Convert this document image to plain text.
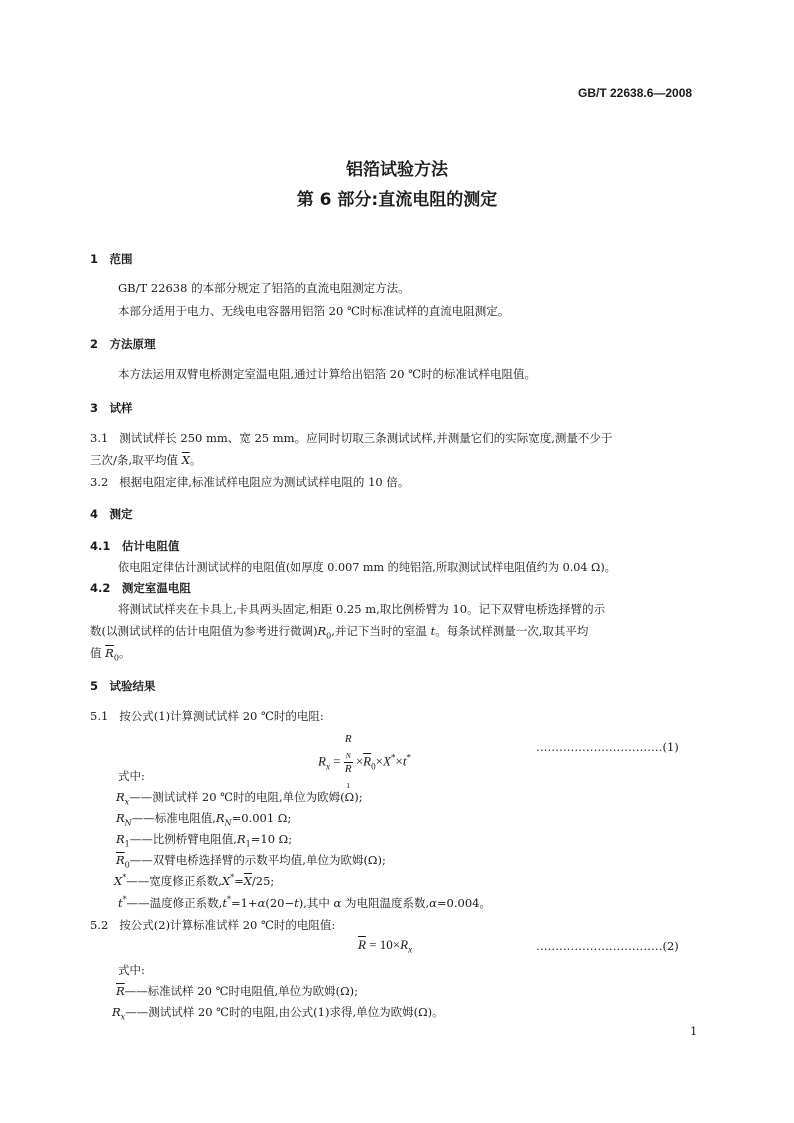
GB/T 22638.6—2008
铝箔试验方法
第 6 部分:直流电阻的测定
1　范围
GB/T 22638 的本部分规定了铝箔的直流电阻测定方法。
本部分适用于电力、无线电电容器用铝箔 20 ℃时标准试样的直流电阻测定。
2　方法原理
本方法运用双臂电桥测定室温电阻,通过计算给出铝箔 20 ℃时的标准试样电阻值。
3　试样
3.1 测试试样长 250 mm、宽 25 mm。应同时切取三条测试试样,并测量它们的实际宽度,测量不少于
三次/条,取平均值 $\overline{X}$。
3.2 根据电阻定律,标准试样电阻应为测试试样电阻的 10 倍。
4　测定
4.1　估计电阻值
依电阻定律估计测试试样的电阻值(如厚度 0.007 mm 的纯铝箔,所取测试试样电阻值约为 0.04 Ω)。
4.2　测定室温电阻
将测试试样夹在卡具上,卡具两头固定,相距 0.25 m,取比例桥臂为 10。记下双臂电桥选择臂的示
数(以测试试样的估计电阻值为参考进行微调)$R_0$,并记下当时的室温 t。每条试样测量一次,取其平均
值 $\overline{R}_0$。
5　试验结果
5.1 按公式(1)计算测试试样 20 ℃时的电阻:
$R_x = R$
$_N$
R
$_1 \times\overline{R}_0\times X^*\times t^*$
……………………………(1)
式中:
$R_x——$测试试样 20 ℃时的电阻,单位为欧姆(Ω);
$R_N——$标准电阻值$,R_N=0.001$ Ω;
$R_1——$比例桥臂电阻值$,R_1=10$ Ω;
$\overline{R}_0——$双臂电桥选择臂的示数平均值,单位为欧姆(Ω);
X*——宽度修正系数$,X^*=\overline{X}/25$;
t*——温度修正系数,t*=1+α(20−t),其中 α 为电阻温度系数,α=0.004。
5.2 按公式(2)计算标准试样 20 ℃时的电阻值:
$\overline{R} = 10\times R_x$	……………………………(2)
式中:
$\overline{R}——$标准试样 20 ℃时电阻值,单位为欧姆(Ω);
$R_x——$测试试样 20 ℃时的电阻,由公式(1)求得,单位为欧姆(Ω)。
1
